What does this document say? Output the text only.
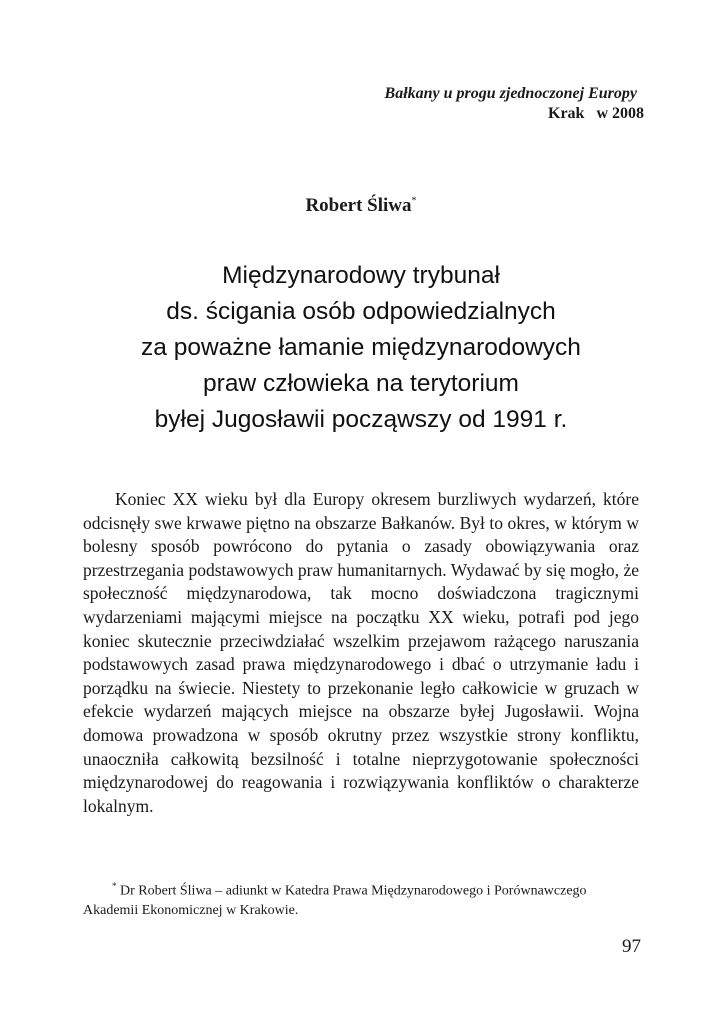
Bałkany u progu zjednoczonej Europy
Krak   w 2008
Robert Śliwa*
Międzynarodowy trybunał
ds. ścigania osób odpowiedzialnych
za poważne łamanie międzynarodowych
praw człowieka na terytorium
byłej Jugosławii począwszy od 1991 r.

Koniec XX wieku był dla Europy okresem burzliwych wydarzeń, które odcisnęły swe krwawe piętno na obszarze Bałkanów. Był to okres, w którym w bolesny sposób powrócono do pytania o zasady obowiązywania oraz przestrzegania podstawowych praw humanitarnych. Wydawać by się mogło, że społeczność międzynarodowa, tak mocno doświadczona tragicznymi wydarzeniami mającymi miejsce na początku XX wieku, potrafi pod jego koniec skutecznie przeciwdziałać wszelkim przejawom rażącego naruszania podstawowych zasad prawa międzynarodowego i dbać o utrzymanie ładu i porządku na świecie. Niestety to przekonanie legło całkowicie w gruzach w efekcie wydarzeń mających miejsce na obszarze byłej Jugosławii. Wojna domowa prowadzona w sposób okrutny przez wszystkie strony konfliktu, unaoczniła całkowitą bezsilność i totalne nieprzygotowanie społeczności międzynarodowej do reagowania i rozwiązywania konfliktów o charakterze lokalnym.

* Dr Robert Śliwa – adiunkt w Katedra Prawa Międzynarodowego i Porównawczego Akademii Ekonomicznej w Krakowie.

97
